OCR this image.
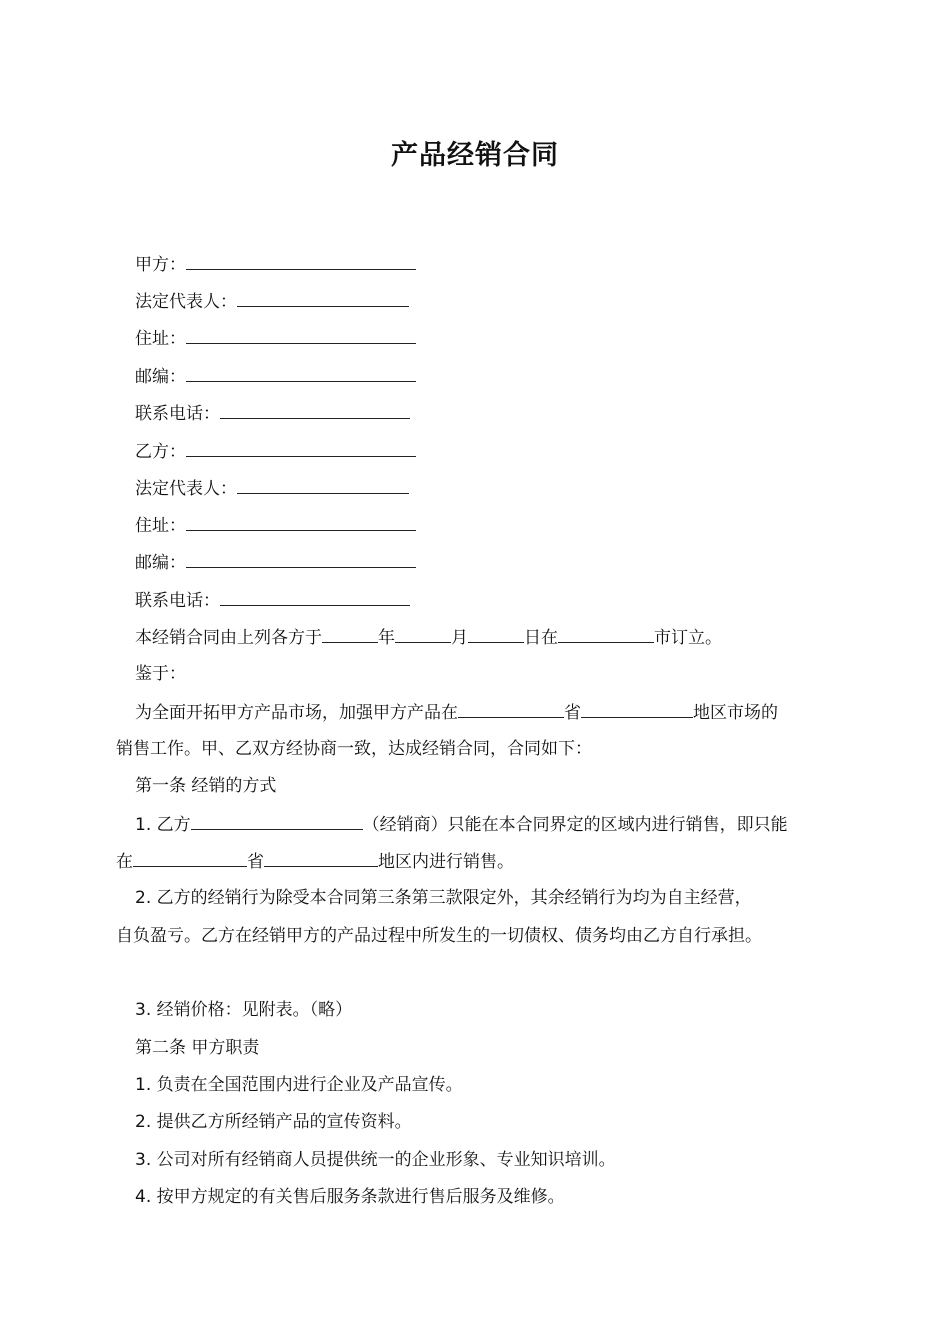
产品经销合同
甲方：
法定代表人：
住址：
邮编：
联系电话：
乙方：
法定代表人：
住址：
邮编：
联系电话：
本经销合同由上列各方于	年	月	日在	市订立。
鉴于：
为全面开拓甲方产品市场，加强甲方产品在	省	地区市场的
销售工作。甲、乙双方经协商一致，达成经销合同，合同如下：
第一条 经销的方式
1. 乙方	（经销商）只能在本合同界定的区域内进行销售，即只能
在	省	地区内进行销售。
2. 乙方的经销行为除受本合同第三条第三款限定外，其余经销行为均为自主经营，
自负盈亏。乙方在经销甲方的产品过程中所发生的一切债权、债务均由乙方自行承担。
3. 经销价格：见附表。（略）
第二条 甲方职责
1. 负责在全国范围内进行企业及产品宣传。
2. 提供乙方所经销产品的宣传资料。
3. 公司对所有经销商人员提供统一的企业形象、专业知识培训。
4. 按甲方规定的有关售后服务条款进行售后服务及维修。
